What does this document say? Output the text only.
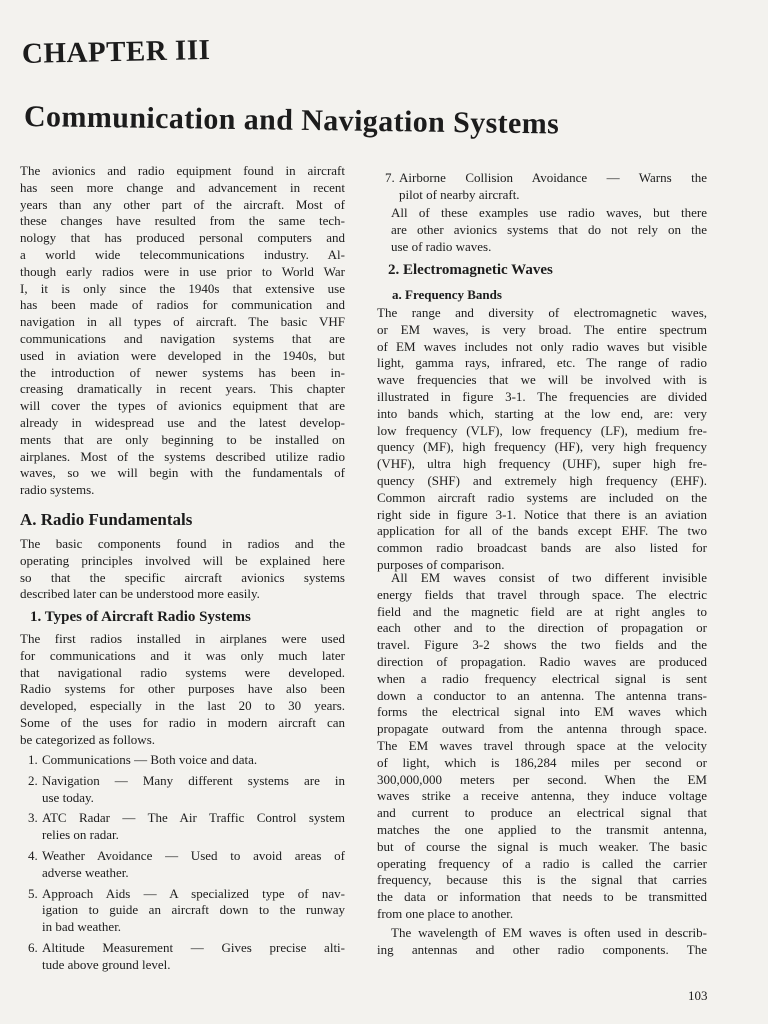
CHAPTER III
Communication and Navigation Systems
The avionics and radio equipment found in aircraft
has seen more change and advancement in recent
years than any other part of the aircraft. Most of
these changes have resulted from the same tech-
nology that has produced personal computers and
a world wide telecommunications industry. Al-
though early radios were in use prior to World War
I, it is only since the 1940s that extensive use
has been made of radios for communication and
navigation in all types of aircraft. The basic VHF
communications and navigation systems that are
used in aviation were developed in the 1940s, but
the introduction of newer systems has been in-
creasing dramatically in recent years. This chapter
will cover the types of avionics equipment that are
already in widespread use and the latest develop-
ments that are only beginning to be installed on
airplanes. Most of the systems described utilize radio
waves, so we will begin with the fundamentals of
radio systems.
A. Radio Fundamentals
The basic components found in radios and the
operating principles involved will be explained here
so that the specific aircraft avionics systems
described later can be understood more easily.
1. Types of Aircraft Radio Systems
The first radios installed in airplanes were used
for communications and it was only much later
that navigational radio systems were developed.
Radio systems for other purposes have also been
developed, especially in the last 20 to 30 years.
Some of the uses for radio in modern aircraft can
be categorized as follows.
1. Communications — Both voice and data.
2. Navigation — Many different systems are in
use today.
3. ATC Radar — The Air Traffic Control system
relies on radar.
4. Weather Avoidance — Used to avoid areas of
adverse weather.
5. Approach Aids — A specialized type of nav-
igation to guide an aircraft down to the runway
in bad weather.
6. Altitude Measurement — Gives precise alti-
tude above ground level.
7. Airborne Collision Avoidance — Warns the
pilot of nearby aircraft.
All of these examples use radio waves, but there
are other avionics systems that do not rely on the
use of radio waves.
2. Electromagnetic Waves
a. Frequency Bands
The range and diversity of electromagnetic waves,
or EM waves, is very broad. The entire spectrum
of EM waves includes not only radio waves but visible
light, gamma rays, infrared, etc. The range of radio
wave frequencies that we will be involved with is
illustrated in figure 3-1. The frequencies are divided
into bands which, starting at the low end, are: very
low frequency (VLF), low frequency (LF), medium fre-
quency (MF), high frequency (HF), very high frequency
(VHF), ultra high frequency (UHF), super high fre-
quency (SHF) and extremely high frequency (EHF).
Common aircraft radio systems are included on the
right side in figure 3-1. Notice that there is an aviation
application for all of the bands except EHF. The two
common radio broadcast bands are also listed for
purposes of comparison.
All EM waves consist of two different invisible
energy fields that travel through space. The electric
field and the magnetic field are at right angles to
each other and to the direction of propagation or
travel. Figure 3-2 shows the two fields and the
direction of propagation. Radio waves are produced
when a radio frequency electrical signal is sent
down a conductor to an antenna. The antenna trans-
forms the electrical signal into EM waves which
propagate outward from the antenna through space.
The EM waves travel through space at the velocity
of light, which is 186,284 miles per second or
300,000,000 meters per second. When the EM
waves strike a receive antenna, they induce voltage
and current to produce an electrical signal that
matches the one applied to the transmit antenna,
but of course the signal is much weaker. The basic
operating frequency of a radio is called the carrier
frequency, because this is the signal that carries
the data or information that needs to be transmitted
from one place to another.
The wavelength of EM waves is often used in describ-
ing antennas and other radio components. The
103
